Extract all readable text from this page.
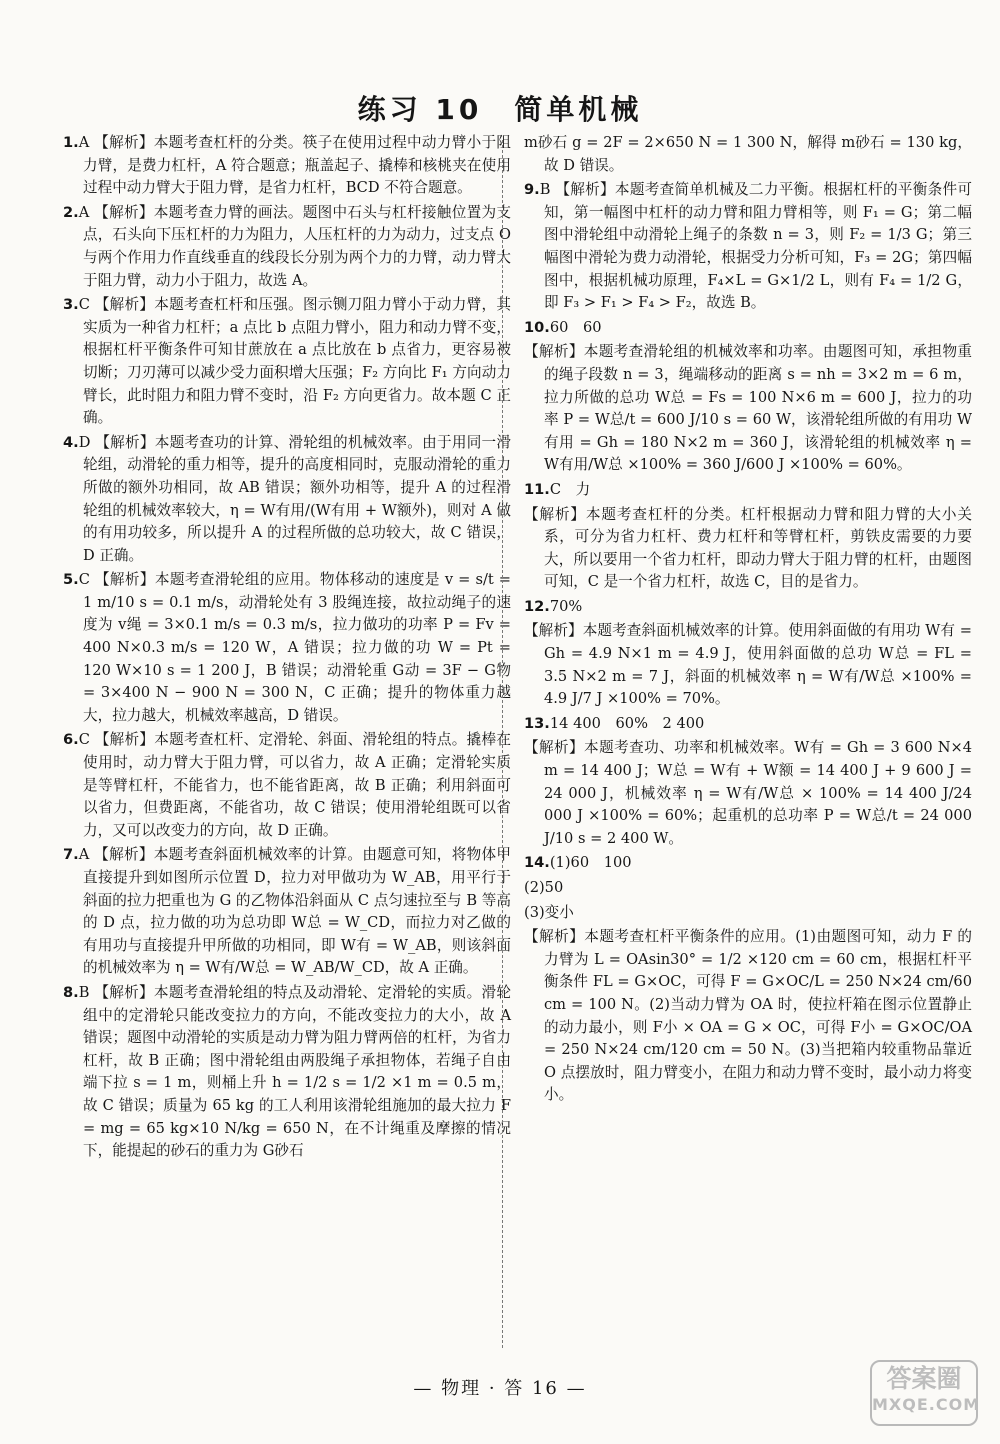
练习 10　简单机械
1.A 【解析】本题考查杠杆的分类。筷子在使用过程中动力臂小于阻力臂，是费力杠杆，A 符合题意；瓶盖起子、撬棒和核桃夹在使用过程中动力臂大于阻力臂，是省力杠杆，BCD 不符合题意。
2.A 【解析】本题考查力臂的画法。题图中石头与杠杆接触位置为支点，石头向下压杠杆的力为阻力，人压杠杆的力为动力，过支点 O 与两个作用力作直线垂直的线段长分别为两个力的力臂，动力臂大于阻力臂，动力小于阻力，故选 A。
3.C 【解析】本题考查杠杆和压强。图示铡刀阻力臂小于动力臂，其实质为一种省力杠杆；a 点比 b 点阻力臂小，阻力和动力臂不变，根据杠杆平衡条件可知甘蔗放在 a 点比放在 b 点省力，更容易被切断；刀刃薄可以减少受力面积增大压强；F₂ 方向比 F₁ 方向动力臂长，此时阻力和阻力臂不变时，沿 F₂ 方向更省力。故本题 C 正确。
4.D 【解析】本题考查功的计算、滑轮组的机械效率。由于用同一滑轮组，动滑轮的重力相等，提升的高度相同时，克服动滑轮的重力所做的额外功相同，故 AB 错误；额外功相等，提升 A 的过程滑轮组的机械效率较大，η = W有用/(W有用 + W额外)，则对 A 做的有用功较多，所以提升 A 的过程所做的总功较大，故 C 错误，D 正确。
5.C 【解析】本题考查滑轮组的应用。物体移动的速度是 v = s/t = 1 m/10 s = 0.1 m/s，动滑轮处有 3 股绳连接，故拉动绳子的速度为 v绳 = 3×0.1 m/s = 0.3 m/s，拉力做功的功率 P = Fv = 400 N×0.3 m/s = 120 W，A 错误；拉力做的功 W = Pt = 120 W×10 s = 1 200 J，B 错误；动滑轮重 G动 = 3F − G物 = 3×400 N − 900 N = 300 N，C 正确；提升的物体重力越大，拉力越大，机械效率越高，D 错误。
6.C 【解析】本题考查杠杆、定滑轮、斜面、滑轮组的特点。撬棒在使用时，动力臂大于阻力臂，可以省力，故 A 正确；定滑轮实质是等臂杠杆，不能省力，也不能省距离，故 B 正确；利用斜面可以省力，但费距离，不能省功，故 C 错误；使用滑轮组既可以省力，又可以改变力的方向，故 D 正确。
7.A 【解析】本题考查斜面机械效率的计算。由题意可知，将物体甲直接提升到如图所示位置 D，拉力对甲做功为 W_AB，用平行于斜面的拉力把重也为 G 的乙物体沿斜面从 C 点匀速拉至与 B 等高的 D 点，拉力做的功为总功即 W总 = W_CD，而拉力对乙做的有用功与直接提升甲所做的功相同，即 W有 = W_AB，则该斜面的机械效率为 η = W有/W总 = W_AB/W_CD，故 A 正确。
8.B 【解析】本题考查滑轮组的特点及动滑轮、定滑轮的实质。滑轮组中的定滑轮只能改变拉力的方向，不能改变拉力的大小，故 A 错误；题图中动滑轮的实质是动力臂为阻力臂两倍的杠杆，为省力杠杆，故 B 正确；图中滑轮组由两股绳子承担物体，若绳子自由端下拉 s = 1 m，则桶上升 h = 1/2 s = 1/2 ×1 m = 0.5 m，故 C 错误；质量为 65 kg 的工人利用该滑轮组施加的最大拉力 F = mg = 65 kg×10 N/kg = 650 N，在不计绳重及摩擦的情况下，能提起的砂石的重力为 G砂石
m砂石 g = 2F = 2×650 N = 1 300 N，解得 m砂石 = 130 kg，故 D 错误。
9.B 【解析】本题考查简单机械及二力平衡。根据杠杆的平衡条件可知，第一幅图中杠杆的动力臂和阻力臂相等，则 F₁ = G；第二幅图中滑轮组中动滑轮上绳子的条数 n = 3，则 F₂ = 1/3 G；第三幅图中滑轮为费力动滑轮，根据受力分析可知，F₃ = 2G；第四幅图中，根据机械功原理，F₄×L = G×1/2 L，则有 F₄ = 1/2 G，即 F₃ > F₁ > F₄ > F₂，故选 B。
10.60　60
【解析】本题考查滑轮组的机械效率和功率。由题图可知，承担物重的绳子段数 n = 3，绳端移动的距离 s = nh = 3×2 m = 6 m，拉力所做的总功 W总 = Fs = 100 N×6 m = 600 J，拉力的功率 P = W总/t = 600 J/10 s = 60 W，该滑轮组所做的有用功 W有用 = Gh = 180 N×2 m = 360 J，该滑轮组的机械效率 η = W有用/W总 ×100% = 360 J/600 J ×100% = 60%。
11.C　力
【解析】本题考查杠杆的分类。杠杆根据动力臂和阻力臂的大小关系，可分为省力杠杆、费力杠杆和等臂杠杆，剪铁皮需要的力要大，所以要用一个省力杠杆，即动力臂大于阻力臂的杠杆，由题图可知，C 是一个省力杠杆，故选 C，目的是省力。
12.70%
【解析】本题考查斜面机械效率的计算。使用斜面做的有用功 W有 = Gh = 4.9 N×1 m = 4.9 J，使用斜面做的总功 W总 = FL = 3.5 N×2 m = 7 J，斜面的机械效率 η = W有/W总 ×100% = 4.9 J/7 J ×100% = 70%。
13.14 400　60%　2 400
【解析】本题考查功、功率和机械效率。W有 = Gh = 3 600 N×4 m = 14 400 J；W总 = W有 + W额 = 14 400 J + 9 600 J = 24 000 J，机械效率 η = W有/W总 × 100% = 14 400 J/24 000 J ×100% = 60%；起重机的总功率 P = W总/t = 24 000 J/10 s = 2 400 W。
14.(1)60　100
(2)50
(3)变小
【解析】本题考查杠杆平衡条件的应用。(1)由题图可知，动力 F 的力臂为 L = OAsin30° = 1/2 ×120 cm = 60 cm，根据杠杆平衡条件 FL = G×OC，可得 F = G×OC/L = 250 N×24 cm/60 cm = 100 N。(2)当动力臂为 OA 时，使拉杆箱在图示位置静止的动力最小，则 F小 × OA = G × OC，可得 F小 = G×OC/OA = 250 N×24 cm/120 cm = 50 N。(3)当把箱内较重物品靠近 O 点摆放时，阻力臂变小，在阻力和动力臂不变时，最小动力将变小。
— 物理 · 答 16 —	答案圈
MXQE.COM
